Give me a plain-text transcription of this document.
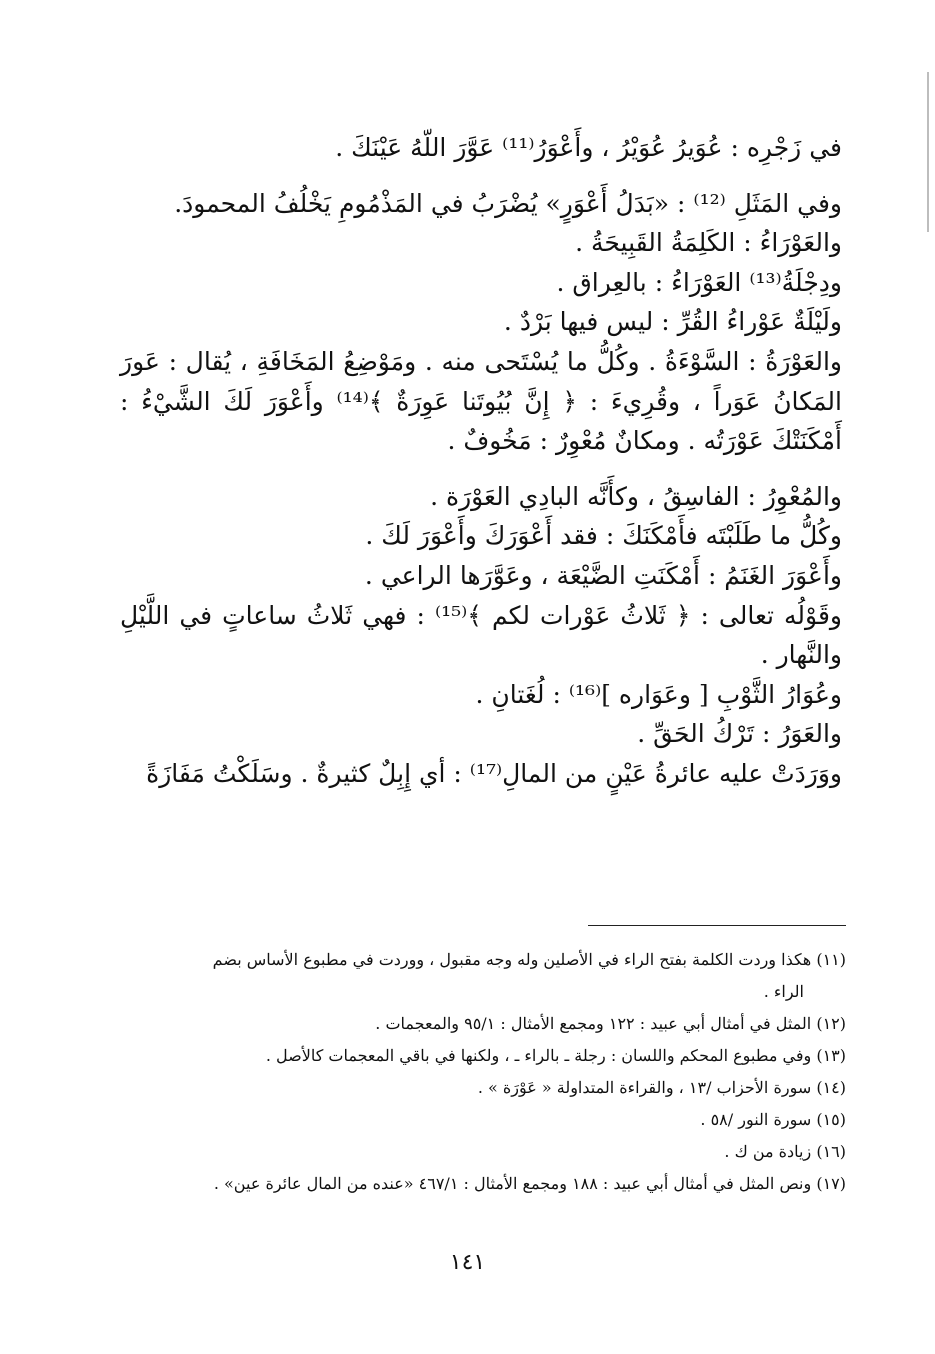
في زَجْرِه : عُوَيرُ عُوَيْرُ ، وأَعْوَرُ⁽¹¹⁾ عَوَّرَ اللّهُ عَيْنَكَ .

وفي المَثَلِ ⁽¹²⁾ : «بَدَلُ أَعْوَرٍ» يُضْرَبُ في المَذْمُومِ يَخْلُفُ المحمودَ.

والعَوْرَاءُ : الكَلِمَةُ القَبِيحَةُ .

ودِجْلَةُ⁽¹³⁾ العَوْرَاءُ : بالعِراق .

ولَيْلَةٌ عَوْراءُ القُرِّ : ليس فيها بَرْدٌ .

والعَوْرَةُ : السَّوْءَةُ . وكُلُّ ما يُسْتَحى منه . ومَوْضِعُ المَخَافَةِ ، يُقال : عَورَ المَكانُ عَوَراً ، وقُرِيءَ : ﴿ إِنَّ بُيُوتَنا عَوِرَةٌ ﴾⁽¹⁴⁾ وأَعْوَرَ لَكَ الشَّيْءُ : أَمْكَنَتْكَ عَوْرَتُه . ومكانٌ مُعْوِرٌ : مَخُوفٌ .

والمُعْوِرُ : الفاسِقُ ، وكأَنَّه البادِي العَوْرَة .

وكُلُّ ما طَلَبْتَه فأَمْكَنَكَ : فقد أَعْوَرَكَ وأَعْوَرَ لَكَ .

وأَعْوَرَ الغَنَمُ : أَمْكَنَتِ الضَّيْعَة ، وعَوَّرَها الراعي .

وقَوْلُه تعالى : ﴿ ثَلاثُ عَوْرات لكم ﴾⁽¹⁵⁾ : فهي ثَلاثُ ساعاتٍ في اللَّيْلِ والنَّهار .

وعُوَارُ الثَّوْبِ [ وعَوَاره ]⁽¹⁶⁾ : لُغَتانِ .

والعَوَرُ : تَرْكُ الحَقِّ .

ووَرَدَتْ عليه عائرةُ عَيْنٍ من المالِ⁽¹⁷⁾ : أي إِبِلٌ كثيرةٌ . وسَلَكْتُ مَفَازَةً

(١١) هكذا وردت الكلمة بفتح الراء في الأصلين وله وجه مقبول ، ووردت في مطبوع الأساس بضم

الراء .

(١٢) المثل في أمثال أبي عبيد : ١٢٢ ومجمع الأمثال : ٩٥/١ والمعجمات .

(١٣) وفي مطبوع المحكم واللسان : رجلة ـ بالراء ـ ، ولكنها في باقي المعجمات كالأصل .

(١٤) سورة الأحزاب /١٣ ، والقراءة المتداولة « عَوْرَة » .

(١٥) سورة النور /٥٨ .

(١٦) زيادة من ك .

(١٧) ونص المثل في أمثال أبي عبيد : ١٨٨ ومجمع الأمثال : ٤٦٧/١ «عنده من المال عائرة عين» .

١٤١
